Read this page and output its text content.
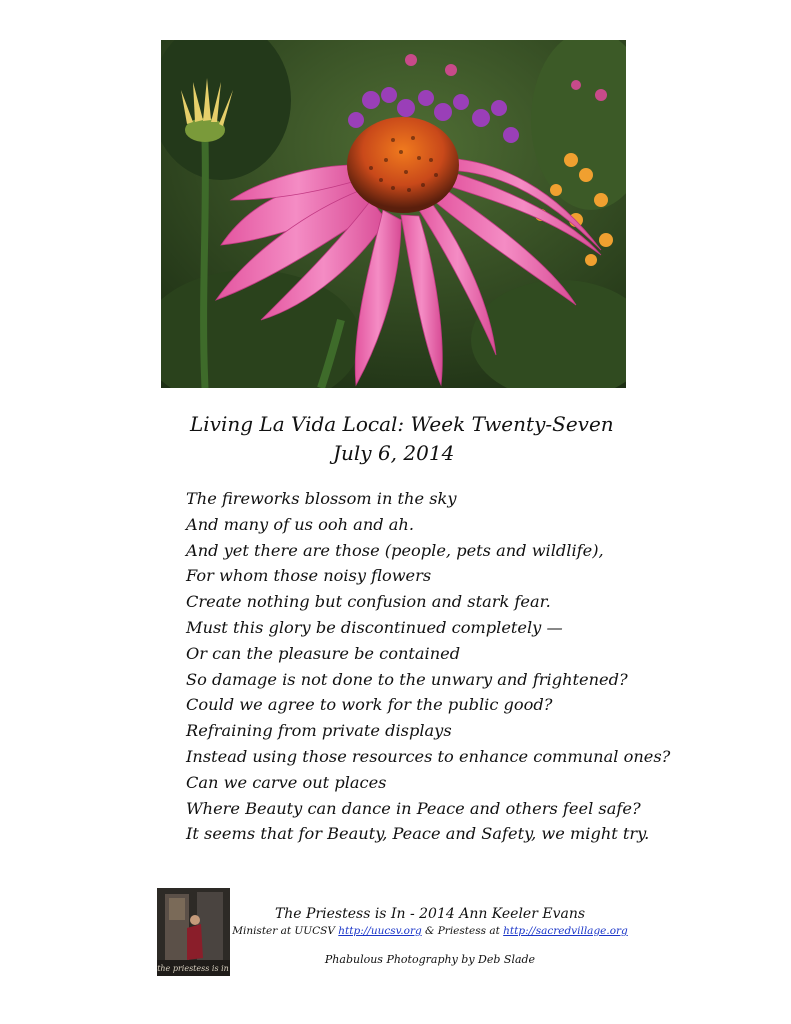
Living La Vida Local: Week Twenty-Seven
July 6, 2014
The fireworks blossom in the sky
And many of us ooh and ah.
And yet there are those (people, pets and wildlife),
For whom those noisy flowers
Create nothing but confusion and stark fear.
Must this glory be discontinued completely —
Or can the pleasure be contained
So damage is not done to the unwary and frightened?
Could we agree to work for the public good?
Refraining from private displays
Instead using those resources to enhance communal ones?
Can we carve out places
Where Beauty can dance in Peace and others feel safe?
It seems that for Beauty, Peace and Safety, we might try.
the priestess is in
The Priestess is In - 2014 Ann Keeler Evans
Minister at UUCSV http://uucsv.org & Priestess at http://sacredvillage.org
Phabulous Photography by Deb Slade
